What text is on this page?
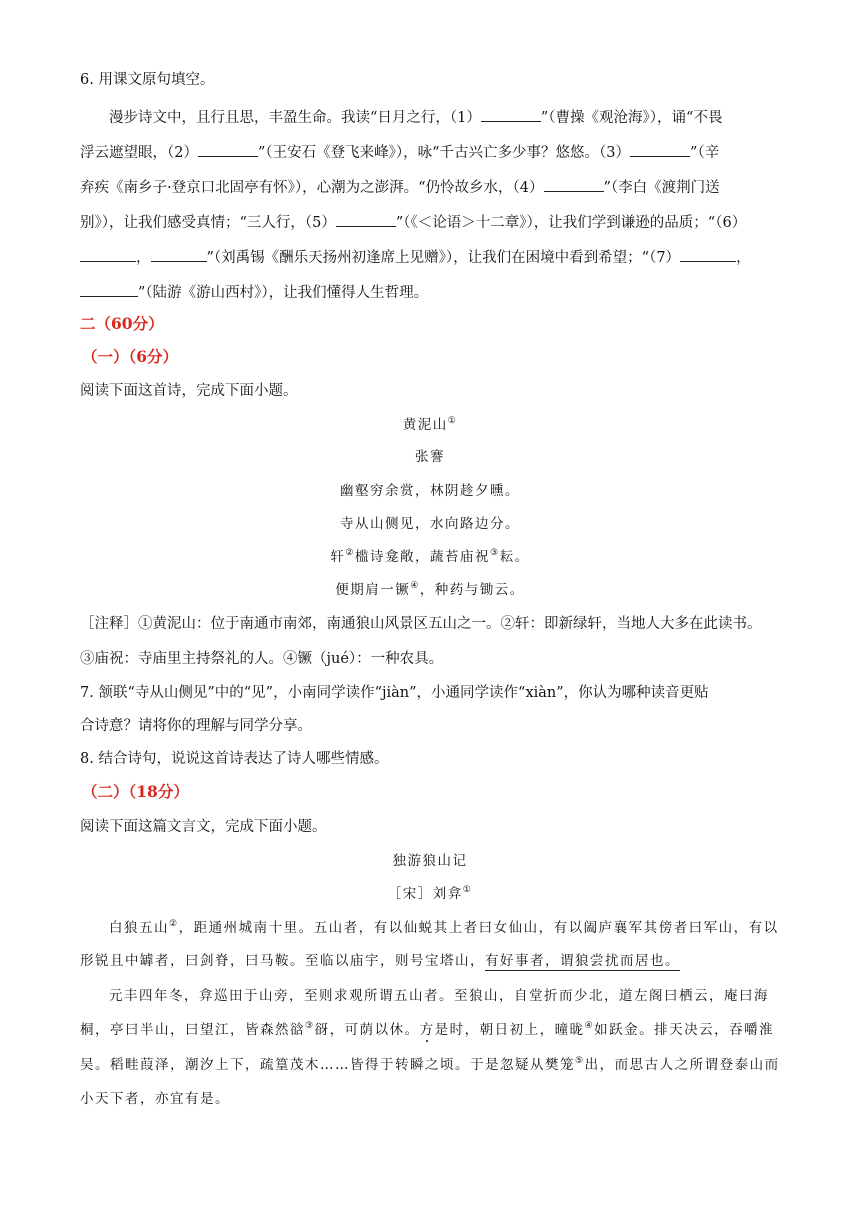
6. 用课文原句填空。
漫步诗文中，且行且思，丰盈生命。我读“日月之行，（1）	”（曹操《观沧海》），诵“不畏
浮云遮望眼，（2）	”（王安石《登飞来峰》），咏“千古兴亡多少事？悠悠。（3）	”（辛
弃疾《南乡子·登京口北固亭有怀》），心潮为之澎湃。“仍怜故乡水，（4）	”（李白《渡荆门送
别》），让我们感受真情；“三人行，（5）	”（《＜论语＞十二章》），让我们学到谦逊的品质；“（6）
，	”（刘禹锡《酬乐天扬州初逢席上见赠》），让我们在困境中看到希望；“（7）	，
”（陆游《游山西村》），让我们懂得人生哲理。
二（60分）
（一）（6分）
阅读下面这首诗，完成下面小题。
黄泥山①
张謇
幽壑穷余赏，林阴趁夕曛。
寺从山侧见，水向路边分。
轩②槛诗龛敞，蔬苔庙祝③耘。
便期肩一镢④，种药与锄云。
［注释］①黄泥山：位于南通市南郊，南通狼山风景区五山之一。②轩：即新绿轩，当地人大多在此读书。
③庙祝：寺庙里主持祭礼的人。④镢（jué）：一种农具。
7. 颔联“寺从山侧见”中的“见”，小南同学读作“jiàn”，小通同学读作“xiàn”，你认为哪种读音更贴
合诗意？请将你的理解与同学分享。
8. 结合诗句，说说这首诗表达了诗人哪些情感。
（二）（18分）
阅读下面这篇文言文，完成下面小题。
独游狼山记
［宋］刘弇①
白狼五山②，距通州城南十里。五山者，有以仙蜕其上者曰女仙山，有以阖庐襄军其傍者曰军山，有以
形锐且中罅者，曰剑脊，曰马鞍。至临以庙宇，则号宝塔山，有好事者，谓狼尝扰而居也。
元丰四年冬，弇巡田于山旁，至则求观所谓五山者。至狼山，自堂折而少北，道左阁曰栖云，庵曰海
桐，亭曰半山，曰望江，皆森然谽③谺，可荫以休。方是时，朝日初上，曈昽④如跃金。排天决云，吞嚼淮
吴。稻畦葭泽，潮汐上下，疏篁茂木……皆得于转瞬之顷。于是忽疑从樊笼⑤出，而思古人之所谓登泰山而
小天下者，亦宜有是。
